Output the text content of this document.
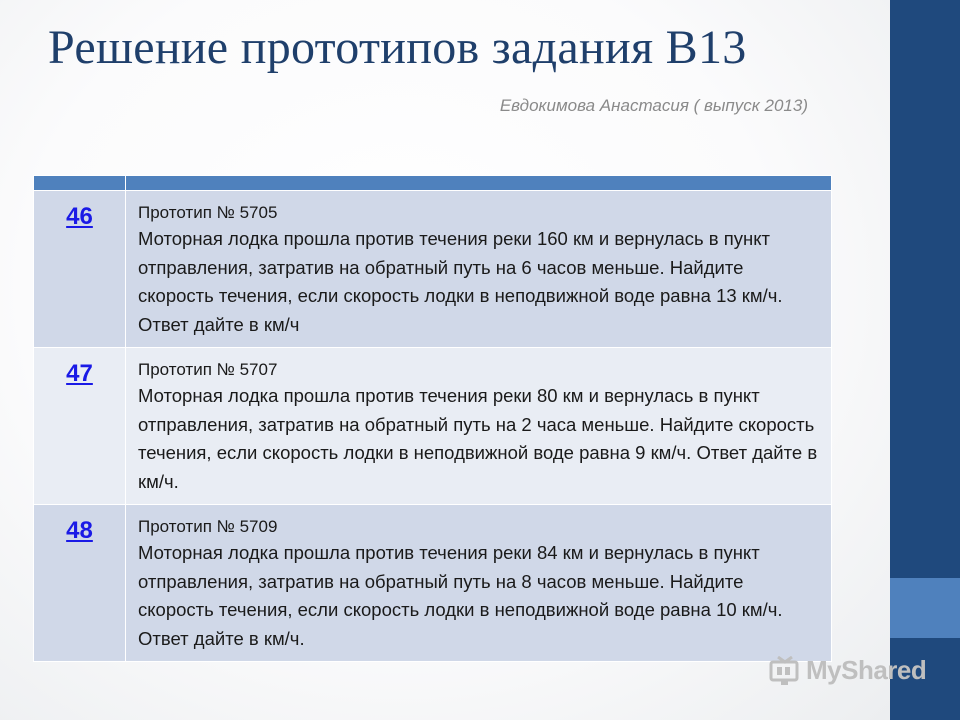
Решение прототипов задания В13
Евдокимова Анастасия ( выпуск 2013)

46	Прототип № 5705
Моторная лодка прошла против течения реки 160 км и вернулась в пункт отправления, затратив на обратный путь на 6 часов меньше. Найдите скорость течения, если скорость лодки в неподвижной воде равна 13 км/ч. Ответ дайте в км/ч

47	Прототип № 5707
Моторная лодка прошла против течения реки 80 км и вернулась в пункт отправления, затратив на обратный путь на 2 часа меньше. Найдите скорость течения, если скорость лодки в неподвижной воде равна 9 км/ч. Ответ дайте в км/ч.

48	Прототип № 5709
Моторная лодка прошла против течения реки 84 км и вернулась в пункт отправления, затратив на обратный путь на 8 часов меньше. Найдите скорость течения, если скорость лодки в неподвижной воде равна 10 км/ч. Ответ дайте в км/ч.
MyShared
